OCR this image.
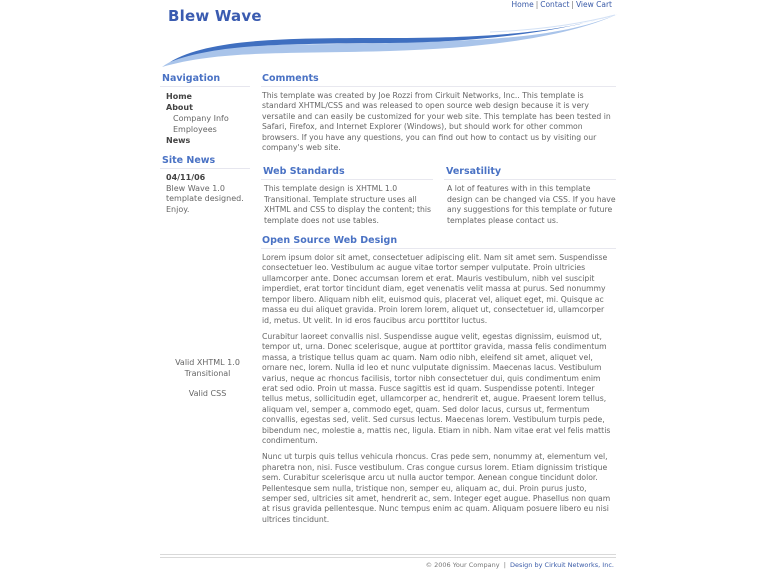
Home | Contact | View Cart
Blew Wave
Navigation
Home
About
Company Info
Employees
News
Site News
04/11/06
Blew Wave 1.0 template designed. Enjoy.
Valid XHTML 1.0 Transitional
Valid CSS
Comments
This template was created by Joe Rozzi from Cirkuit Networks, Inc.. This template is standard XHTML/CSS and was released to open source web design because it is very versatile and can easily be customized for your web site. This template has been tested in Safari, Firefox, and Internet Explorer (Windows), but should work for other common browsers. If you have any questions, you can find out how to contact us by visiting our company's web site.
Web Standards
This template design is XHTML 1.0 Transitional. Template structure uses all XHTML and CSS to display the content; this template does not use tables.
Versatility
A lot of features with in this template design can be changed via CSS. If you have any suggestions for this template or future templates please contact us.
Open Source Web Design
Lorem ipsum dolor sit amet, consectetuer adipiscing elit. Nam sit amet sem. Suspendisse consectetuer leo. Vestibulum ac augue vitae tortor semper vulputate. Proin ultricies ullamcorper ante. Donec accumsan lorem et erat. Mauris vestibulum, nibh vel suscipit imperdiet, erat tortor tincidunt diam, eget venenatis velit massa at purus. Sed nonummy tempor libero. Aliquam nibh elit, euismod quis, placerat vel, aliquet eget, mi. Quisque ac massa eu dui aliquet gravida. Proin lorem lorem, aliquet ut, consectetuer id, ullamcorper id, metus. Ut velit. In id eros faucibus arcu porttitor luctus.
Curabitur laoreet convallis nisl. Suspendisse augue velit, egestas dignissim, euismod ut, tempor ut, urna. Donec scelerisque, augue at porttitor gravida, massa felis condimentum massa, a tristique tellus quam ac quam. Nam odio nibh, eleifend sit amet, aliquet vel, ornare nec, lorem. Nulla id leo et nunc vulputate dignissim. Maecenas lacus. Vestibulum varius, neque ac rhoncus facilisis, tortor nibh consectetuer dui, quis condimentum enim erat sed odio. Proin ut massa. Fusce sagittis est id quam. Suspendisse potenti. Integer tellus metus, sollicitudin eget, ullamcorper ac, hendrerit et, augue. Praesent lorem tellus, aliquam vel, semper a, commodo eget, quam. Sed dolor lacus, cursus ut, fermentum convallis, egestas sed, velit. Sed cursus lectus. Maecenas lorem. Vestibulum turpis pede, bibendum nec, molestie a, mattis nec, ligula. Etiam in nibh. Nam vitae erat vel felis mattis condimentum.
Nunc ut turpis quis tellus vehicula rhoncus. Cras pede sem, nonummy at, elementum vel, pharetra non, nisi. Fusce vestibulum. Cras congue cursus lorem. Etiam dignissim tristique sem. Curabitur scelerisque arcu ut nulla auctor tempor. Aenean congue tincidunt dolor. Pellentesque sem nulla, tristique non, semper eu, aliquam ac, dui. Proin purus justo, semper sed, ultricies sit amet, hendrerit ac, sem. Integer eget augue. Phasellus non quam at risus gravida pellentesque. Nunc tempus enim ac quam. Aliquam posuere libero eu nisi ultrices tincidunt.
© 2006 Your Company | Design by Cirkuit Networks, Inc.
